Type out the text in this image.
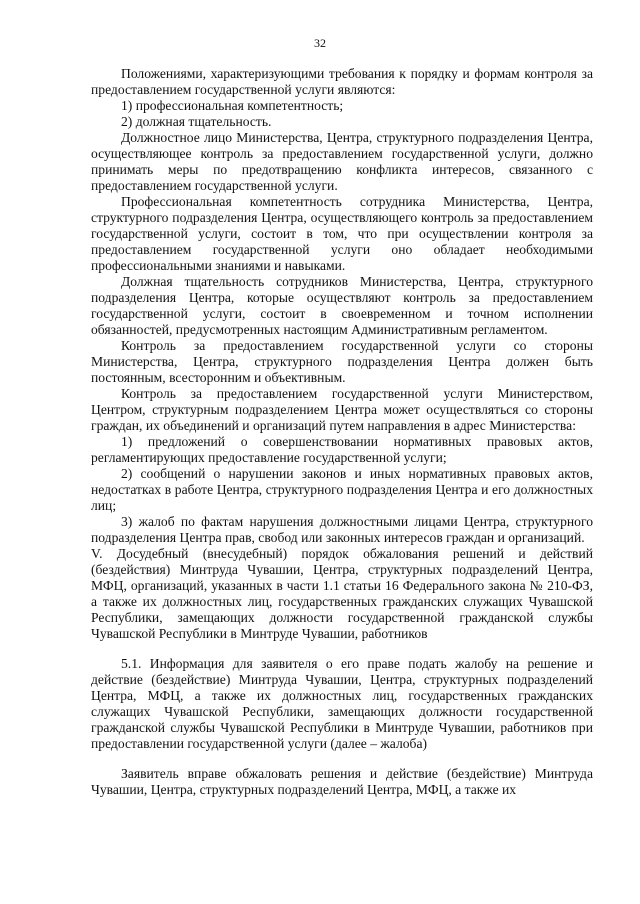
32

Положениями, характеризующими требования к порядку и формам контроля за предоставлением государственной услуги являются:

1) профессиональная компетентность;

2) должная тщательность.

Должностное лицо Министерства, Центра, структурного подразделения Центра, осуществляющее контроль за предоставлением государственной услуги, должно принимать меры по предотвращению конфликта интересов, связанного с предоставлением государственной услуги.

Профессиональная компетентность сотрудника Министерства, Центра, структурного подразделения Центра, осуществляющего контроль за предоставлением государственной услуги, состоит в том, что при осуществлении контроля за предоставлением государственной услуги оно обладает необходимыми профессиональными знаниями и навыками.

Должная тщательность сотрудников Министерства, Центра, структурного подразделения Центра, которые осуществляют контроль за предоставлением государственной услуги, состоит в своевременном и точном исполнении обязанностей, предусмотренных настоящим Административным регламентом.

Контроль за предоставлением государственной услуги со стороны Министерства, Центра, структурного подразделения Центра должен быть постоянным, всесторонним и объективным.

Контроль за предоставлением государственной услуги Министерством, Центром, структурным подразделением Центра может осуществляться со стороны граждан, их объединений и организаций путем направления в адрес Министерства:

1) предложений о совершенствовании нормативных правовых актов, регламентирующих предоставление государственной услуги;

2) сообщений о нарушении законов и иных нормативных правовых актов, недостатках в работе Центра, структурного подразделения Центра и его должностных лиц;

3) жалоб по фактам нарушения должностными лицами Центра, структурного подразделения Центра прав, свобод или законных интересов граждан и организаций.

V. Досудебный (внесудебный) порядок обжалования решений и действий (бездействия) Минтруда Чувашии, Центра, структурных подразделений Центра, МФЦ, организаций, указанных в части 1.1 статьи 16 Федерального закона № 210-ФЗ, а также их должностных лиц, государственных гражданских служащих Чувашской Республики, замещающих должности государственной гражданской службы Чувашской Республики в Минтруде Чувашии, работников

5.1. Информация для заявителя о его праве подать жалобу на решение и действие (бездействие) Минтруда Чувашии, Центра, структурных подразделений Центра, МФЦ, а также их должностных лиц, государственных гражданских служащих Чувашской Республики, замещающих должности государственной гражданской службы Чувашской Республики в Минтруде Чувашии, работников при предоставлении государственной услуги (далее – жалоба)

Заявитель вправе обжаловать решения и действие (бездействие) Минтруда Чувашии, Центра, структурных подразделений Центра, МФЦ, а также их
